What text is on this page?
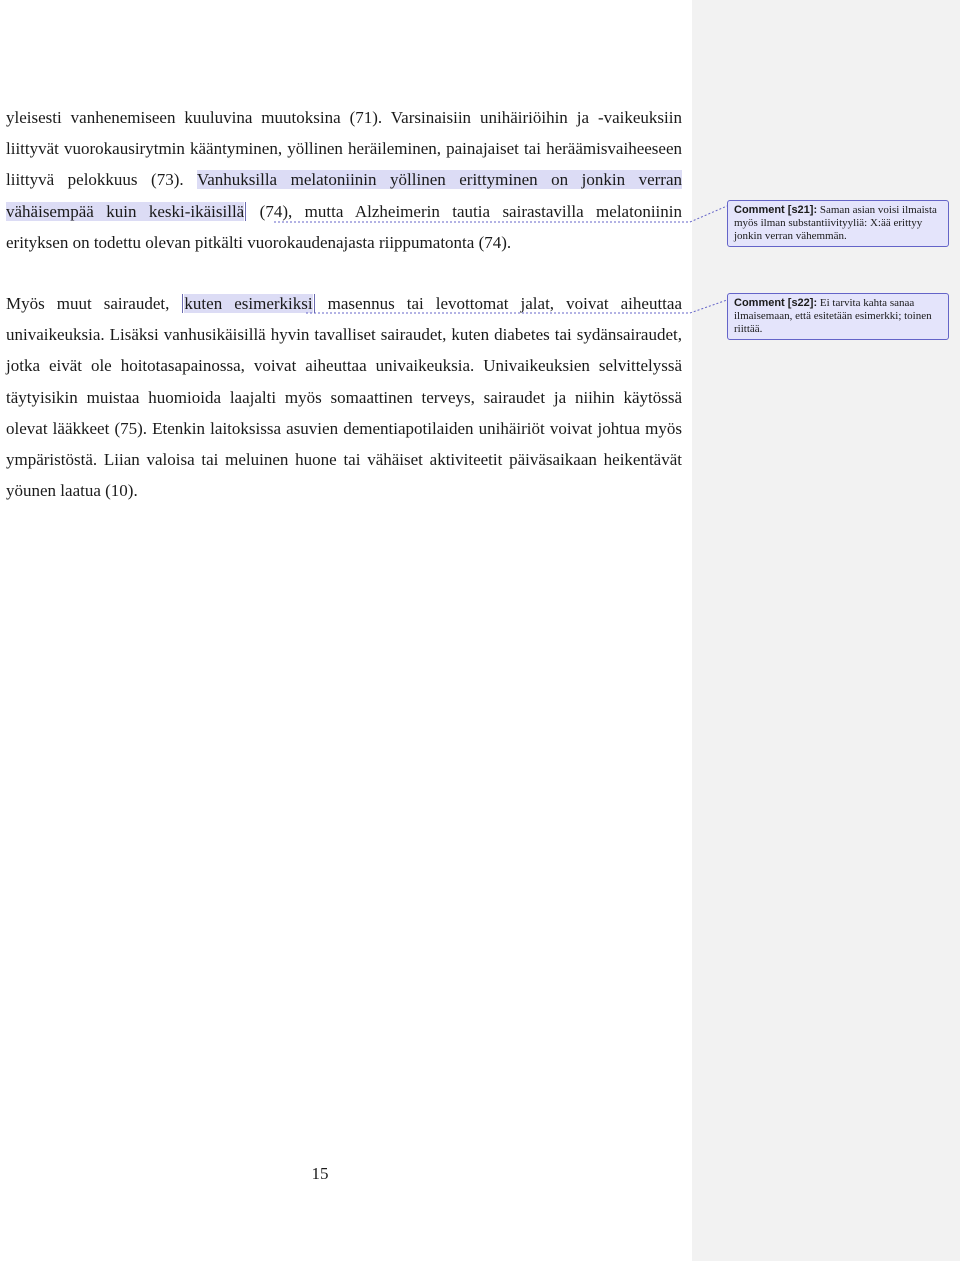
yleisesti vanhenemiseen kuuluvina muutoksina (71). Varsinaisiin unihäiriöihin ja -vaikeuksiin liittyvät vuorokausirytmin kääntyminen, yöllinen heräileminen, painajaiset tai heräämisvaiheeseen liittyvä pelokkuus (73). Vanhuksilla melatoniinin yöllinen erittyminen on jonkin verran vähäisempää kuin keski-ikäisillä (74), mutta Alzheimerin tautia sairastavilla melatoniinin erityksen on todettu olevan pitkälti vuorokaudenajasta riippumatonta (74).

Myös muut sairaudet, kuten esimerkiksi masennus tai levottomat jalat, voivat aiheuttaa univaikeuksia. Lisäksi vanhusikäisillä hyvin tavalliset sairaudet, kuten diabetes tai sydänsairaudet, jotka eivät ole hoitotasapainossa, voivat aiheuttaa univaikeuksia. Univaikeuksien selvittelyssä täytyisikin muistaa huomioida laajalti myös somaattinen terveys, sairaudet ja niihin käytössä olevat lääkkeet (75). Etenkin laitoksissa asuvien dementiapotilaiden unihäiriöt voivat johtua myös ympäristöstä. Liian valoisa tai meluinen huone tai vähäiset aktiviteetit päiväsaikaan heikentävät yöunen laatua (10).

15
Comment [s21]: Saman asian voisi ilmaista myös ilman substantiivityyliä: X:ää erittyy jonkin verran vähemmän.
Comment [s22]: Ei tarvita kahta sanaa ilmaisemaan, että esitetään esimerkki; toinen riittää.
